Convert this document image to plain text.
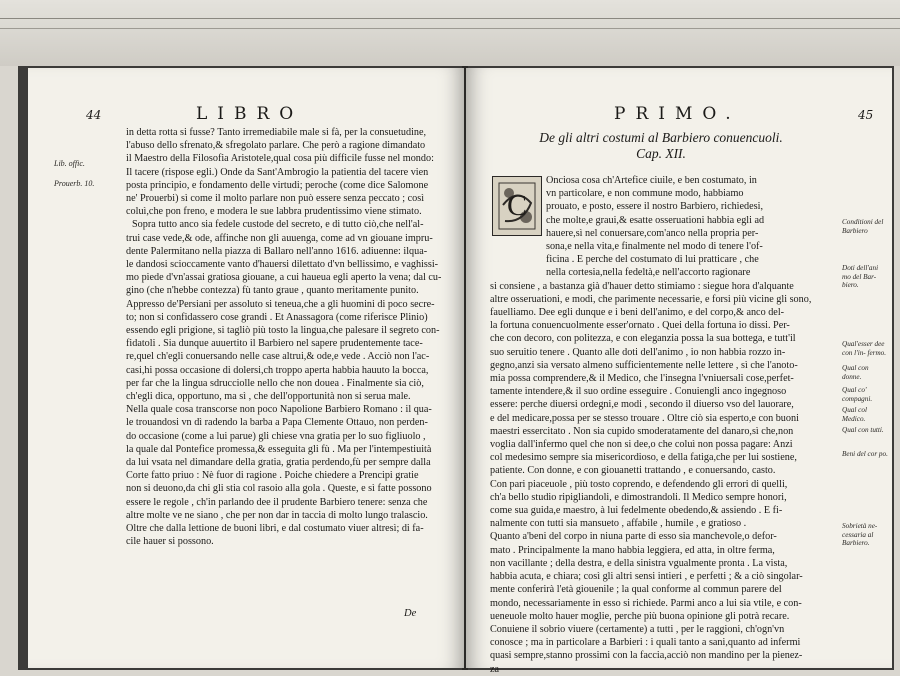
44	LIBRO
Lib. offic.
Prouerb. 10.
in detta rotta si fusse? Tanto irremediabile male si fà, per la consuetudine,
l'abuso dello sfrenato,& sfregolato parlare. Che però a ragione dimandato
il Maestro della Filosofia Aristotele,qual cosa più difficile fusse nel mondo:
Il tacere (rispose egli.) Onde da Sant'Ambrogio la patientia del tacere vien
posta principio, e fondamento delle virtudi; peroche (come dice Salomone
ne' Prouerbi) sì come il molto parlare non può essere senza peccato ; così
coluì,che pon freno, e modera le sue labbra prudentissimo viene stimato.
Sopra tutto anco sia fedele custode del secreto, e di tutto ciò,che nell'al-
trui case vede,& ode, affinche non gli auuenga, come ad vn giouane impru-
dente Palermitano nella piazza di Ballaro nell'anno 1616. adiuenne: ilqua-
le dandosi scioccamente vanto d'hauersi dilettato d'vn bellissimo, e vaghissi-
mo piede d'vn'assai gratiosa giouane, a cui haueua egli aperto la vena; dal cu-
gino (che n'hebbe contezza) fù tanto graue , quanto meritamente punito.
Appresso de'Persiani per assoluto si teneua,che a gli huomini di poco secre-
to; non si confidassero cose grandi . Et Anassagora (come riferisce Plinio)
essendo egli prigione, si tagliò più tosto la lingua,che palesare il segreto con-
fidatoli . Sia dunque auuertito il Barbiero nel sapere prudentemente tace-
re,quel ch'egli conuersando nelle case altrui,& ode,e vede . Acciò non l'ac-
casi,hi possa occasione di dolersi,ch troppo aperta habbia hauuto la bocca,
per far che la lingua sdrucciolle nello che non doueа . Finalmente sia ciò,
ch'egli dica, opportuno, ma sì , che dell'opportunità non si serua male.
Nella quale cosa transcorse non poco Napolione Barbiero Romano : il qua-
le trouandosi vn dì radendo la barba a Papa Clemente Ottauo, non perden-
do occasione (come a lui parue) gli chiese vna gratia per lo suo figliuolo ,
la quale dal Pontefice promessa,& esseguita gli fù . Ma per l'intempestiuità
da lui vsata nel dimandare della gratia, gratia perdendo,fù per sempre dalla
Corte fatto priuo : Nè fuor di ragione . Poiche chiedere a Prencipi gratie
non si deuono,da chi gli stia col rasoio alla gola . Queste, e sì fatte possono
essere le regole , ch'in parlando dee il prudente Barbiero tenere: senza che
altre molte ve ne siano , che per non dar in taccia di molto lungo tralascio.
Oltre che dalla lettione de buoni libri, e dal costumato viuer altresì; di fa-
cile hauer si possono.
De
PRIMO.	45
De gli altri costumi al Barbiero conuencuoli.
Cap. XII.
C
Onciosa cosa ch'Artefice ciuile, e ben costumato, in
vn particolare, e non commune modo, habbiamo
prouato, e posto, essere il nostro Barbiero, richiedesi,
che molte,e graui,& esatte osseruationi habbia egli ad
hauere,sì nel conuersare,com'anco nella propria per-
sona,e nella vita,e finalmente nel modo di tenere l'of-
ficina . E perche del costumato di lui pratticare , che
nella cortesia,nella fedeltà,e nell'accorto ragionare
si consiene , a bastanza già d'hauer detto stimiamo : siegue hora d'alquante
altre osseruationi, e modi, che parimente necessarie, e forsi più vicine gli sono,
fauelliamo. Dee egli dunque e i beni dell'animo, e del corpo,& anco del-
la fortuna conuencuolmente esser'ornato . Quei della fortuna io dissi. Per-
che con decoro, con politezza, e con eleganzia possa la sua bottega, e tutt'il
suo seruitio tenere . Quanto alle doti dell'animo , io non habbia rozzo in-
gegno,anzi sia versato almeno sufficientemente nelle lettere , sì che l'anoto-
mia possa comprendere,& il Medico, che l'insegna l'vniuersali cose,perfet-
tamente intendere,& il suo ordine esseguire . Conuiengli anco ingegnoso
essere: perche diuersi ordegni,e modi , secondo il diuerso vso del lauorare,
e del medicare,possa per se stesso trouare . Oltre ciò sia esperto,e con buoni
maestri essercitato . Non sia cupido smoderatamente del danaro,sì che,non
voglia dall'infermo quel che non si dee,o che coluì non possa pagare: Anzi
col medesimo sempre sia misericordioso, e della fatiga,che per lui sostiene,
patiente. Con donne, e con giouanetti trattando , e conuersando, casto.
Con pari piaceuole , più tosto coprendo, e defendendo gli errori di quelli,
ch'a bello studio ripigliandoli, e dimostrandoli. Il Medico sempre honori,
come sua guida,e maestro, à lui fedelmente obedendo,& assiendo . E fi-
nalmente con tutti sia mansueto , affabile , humile , e gratioso .
Quanto a'beni del corpo in niuna parte di esso sia manchevole,o defor-
mato . Principalmente la mano habbia leggiera, ed atta, in oltre ferma,
non vacillante ; della destra, e della sinistra vgualmente pronta . La vista,
habbia acuta, e chiara; così gli altri sensi intieri , e perfetti ; & a ciò singolar-
mente conferirà l'età giouenile ; la qual conforme al commun parere del
mondo, necessariamente in esso si richiede. Parmi anco a lui sia vtile, e con-
ueneuole molto hauer moglie, perche più buona opinione gli potrà recare.
Conuiene il sobrio viuere (certamente) a tutti , per le raggioni, ch'ogn'vn
conosce ; ma in particolare a Barbieri : i quali tanto a sani,quanto ad infermi
quasi sempre,stanno prossimi con la faccia,acciò non mandino per la pienez-
za
Conditioni del Barbiero
Doti dell'ani mo del Bar- biero.
Qual'esser dee con l'in- fermo.
Qual con donne.
Qual co' compagni.
Qual col Medico.
Qual con tutti.
Beni del cor po.
Sobrietà ne- cessaria al Barbiero.
